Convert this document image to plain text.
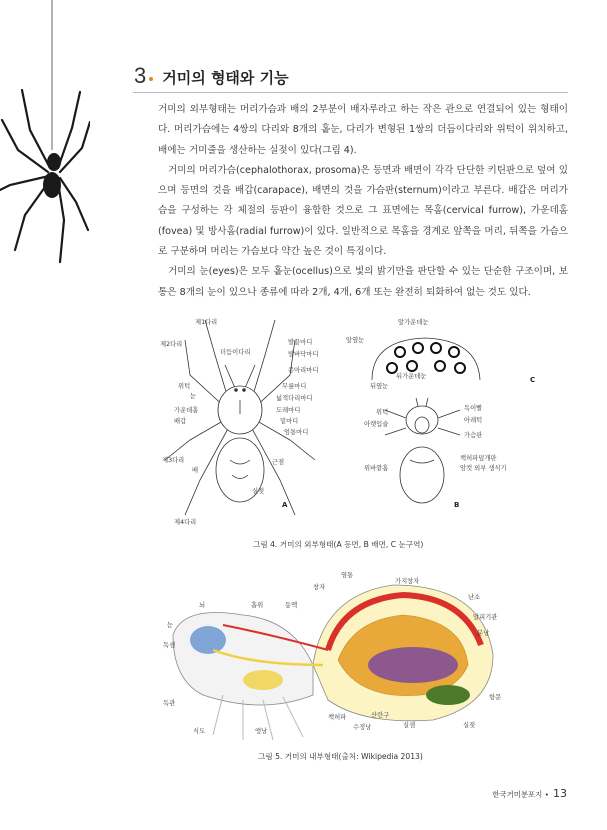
3 거미의 형태와 기능

거미의 외부형태는 머리가슴과 배의 2부분이 배자루라고 하는 작은 관으로 연결되어 있는 형태이다. 머리가슴에는 4쌍의 다리와 8개의 홑눈, 다리가 변형된 1쌍의 더듬이다리와 위턱이 위치하고, 배에는 거미줄을 생산하는 실젖이 있다(그림 4).

거미의 머리가슴(cephalothorax, prosoma)은 등면과 배면이 각각 단단한 키틴판으로 덮여 있으며 등면의 것을 배갑(carapace), 배면의 것을 가슴판(sternum)이라고 부른다. 배갑은 머리가슴을 구성하는 각 체절의 등판이 융합한 것으로 그 표면에는 목홈(cervical furrow), 가운데홈(fovea) 및 방사홈(radial furrow)이 있다. 일반적으로 목홈을 경계로 앞쪽을 머리, 뒤쪽을 가슴으로 구분하며 머리는 가슴보다 약간 높은 것이 특징이다.

거미의 눈(eyes)은 모두 홑눈(ocellus)으로 빛의 밝기만을 판단할 수 있는 단순한 구조이며, 보통은 8개의 눈이 있으나 종류에 따라 2개, 4개, 6개 또는 완전히 퇴화하여 없는 것도 있다.

제1다리
제2다리
더듬이다리
발끝마디
발바닥마디
종아리마디
위턱
눈
무릎마디
넓적다리마디
가운데홈
배갑
도래마디
밑마디
엄통마디
제3다리	근점
배
실젖
제4다리
A
앞가운데눈
앞옆눈
뒤옆눈
뒤가운데눈	C
위턱
아랫입술
독이빨
아래턱
가슴판
위바깥홈
책허파덮개판
암컷 외부 생식기
B
그림 4. 거미의 외부형태(A 등면, B 배면, C 눈구역)
염통
가지창자
창자
난소
뇌	흡위	동맥
말피기관
눈
분낭
독샘
항문
독관
산란구
책허파
수정낭	실샘	실젖
식도	앵낭
그림 5. 거미의 내부형태(출처: Wikipedia 2013)
한국거미분포지 • 13
